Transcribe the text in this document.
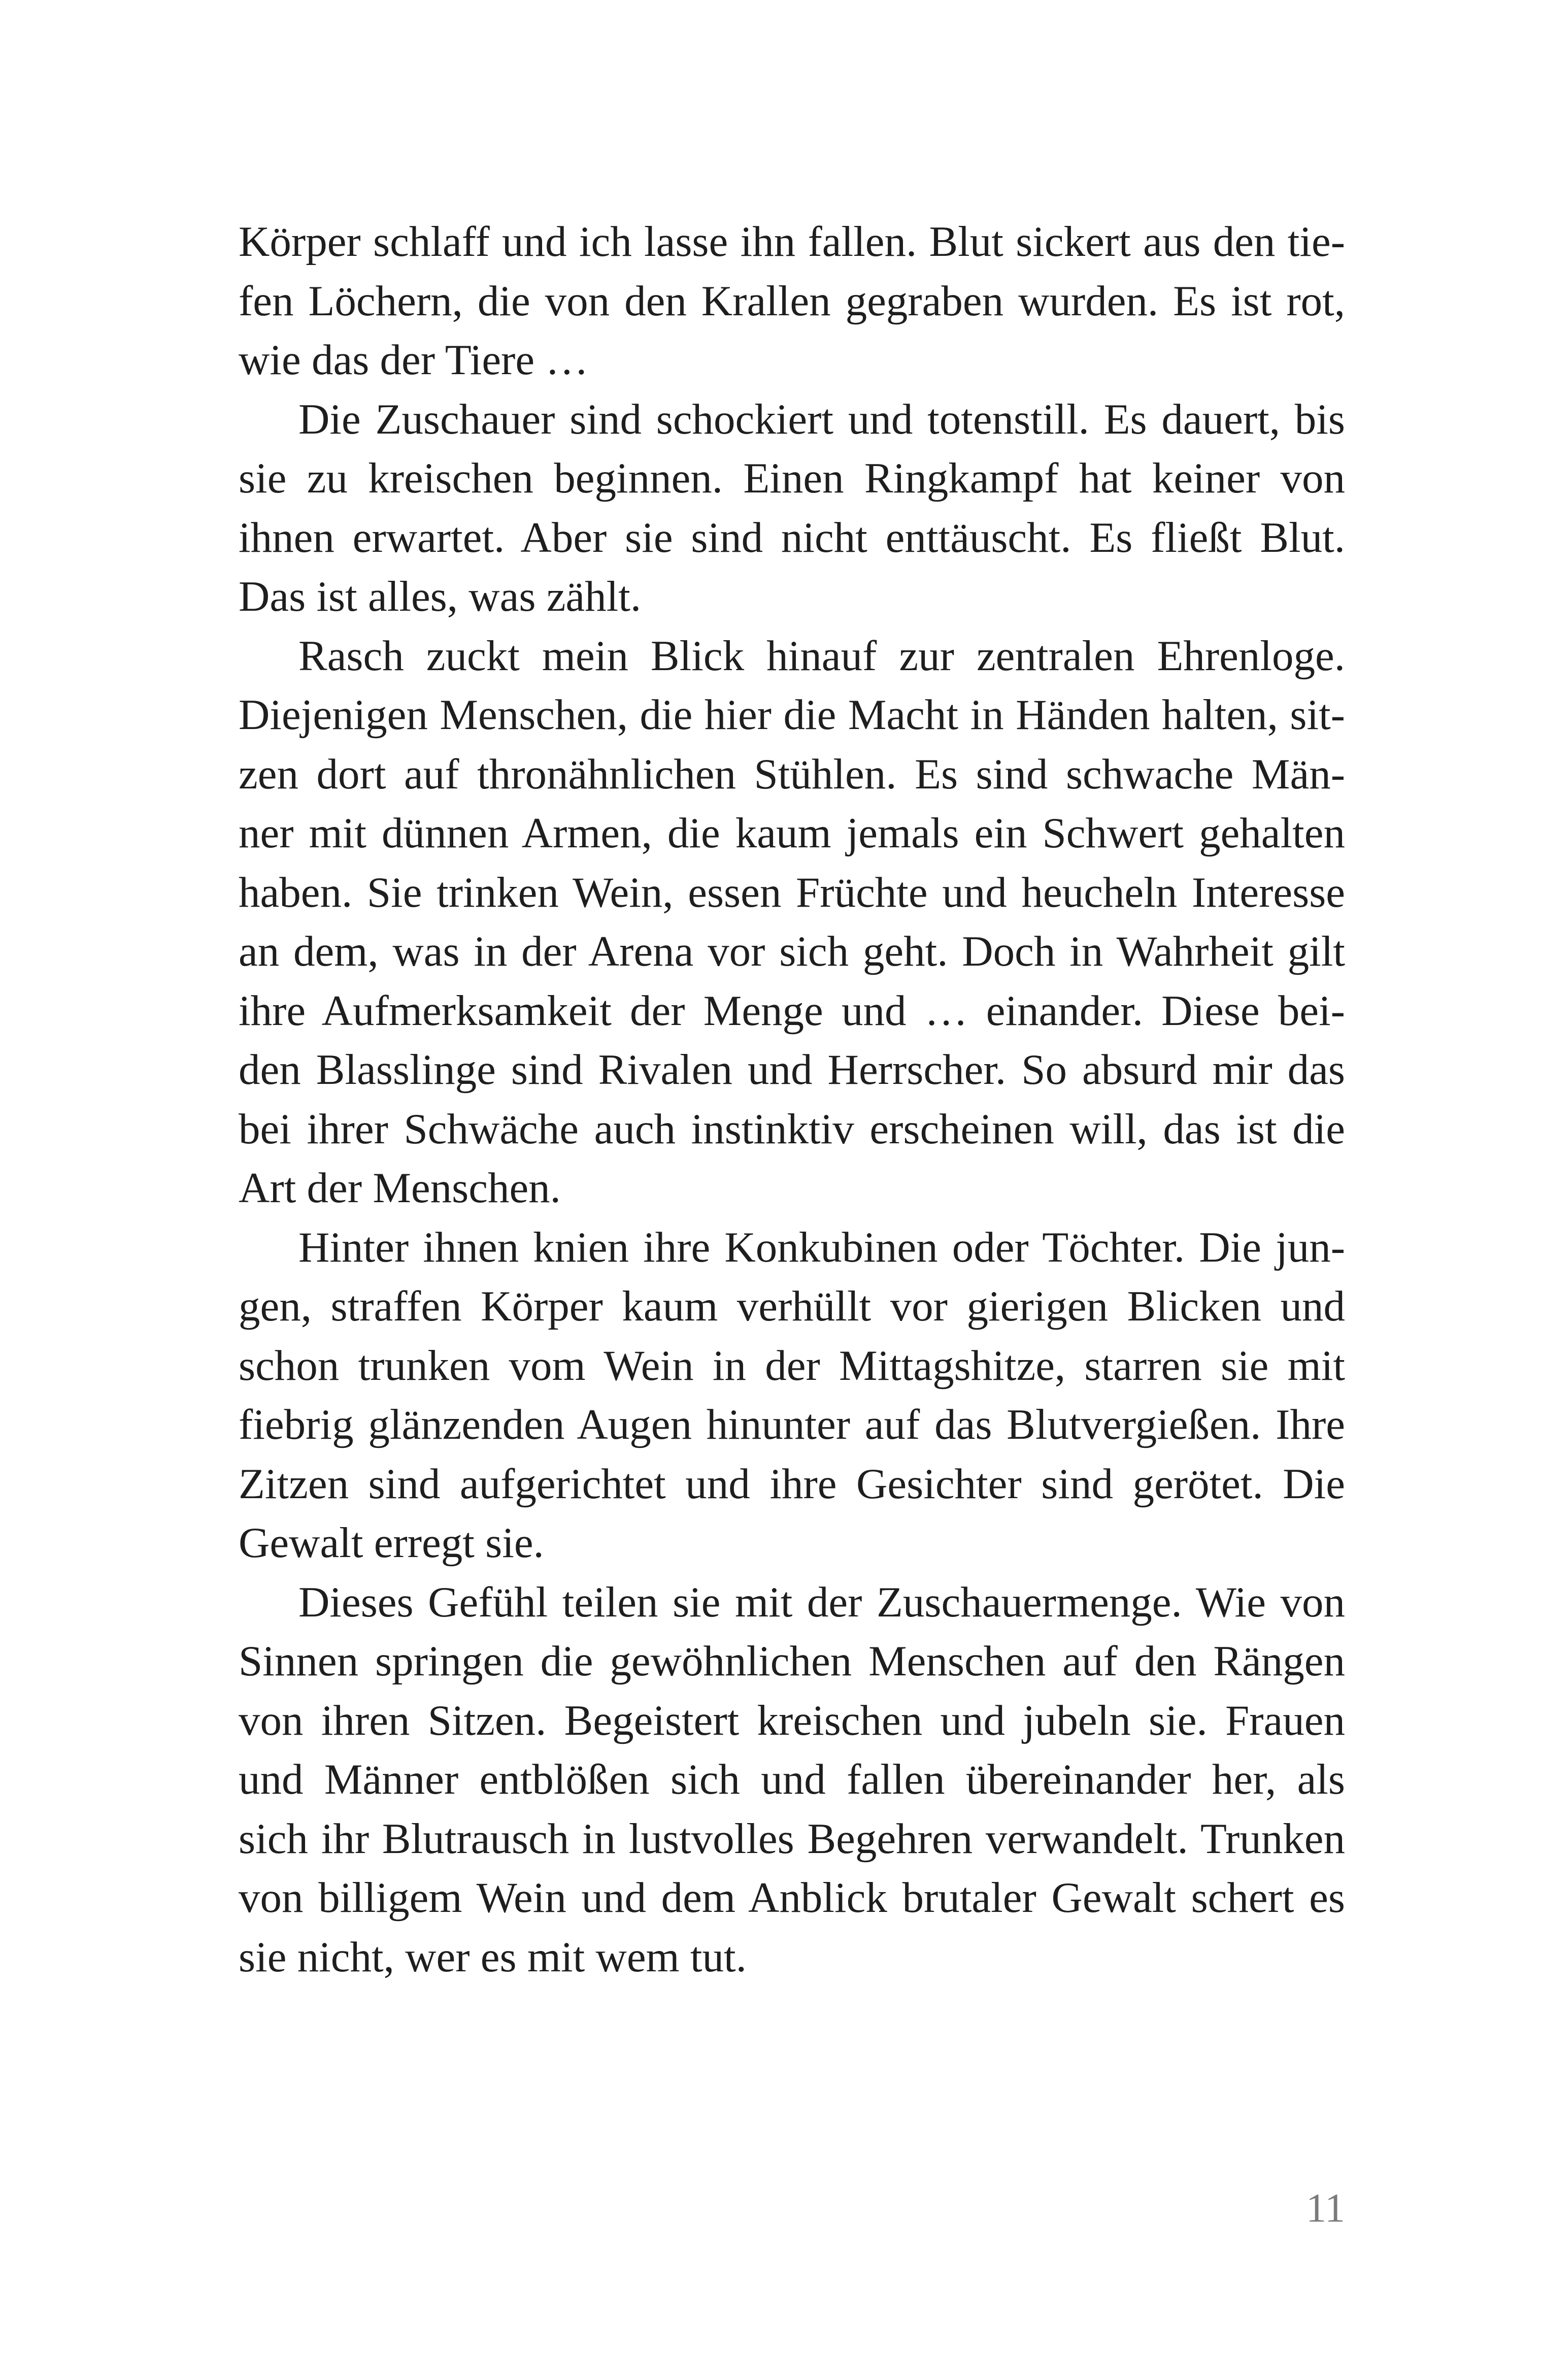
Körper schlaff und ich lasse ihn fallen. Blut sickert aus den tie-
fen Löchern, die von den Krallen gegraben wurden. Es ist rot,
wie das der Tiere …
Die Zuschauer sind schockiert und totenstill. Es dauert, bis
sie zu kreischen beginnen. Einen Ringkampf hat keiner von
ihnen erwartet. Aber sie sind nicht enttäuscht. Es fließt Blut.
Das ist alles, was zählt.
Rasch zuckt mein Blick hinauf zur zentralen Ehrenloge.
Diejenigen Menschen, die hier die Macht in Händen halten, sit-
zen dort auf thronähnlichen Stühlen. Es sind schwache Män-
ner mit dünnen Armen, die kaum jemals ein Schwert gehalten
haben. Sie trinken Wein, essen Früchte und heucheln Interesse
an dem, was in der Arena vor sich geht. Doch in Wahrheit gilt
ihre Aufmerksamkeit der Menge und … einander. Diese bei-
den Blasslinge sind Rivalen und Herrscher. So absurd mir das
bei ihrer Schwäche auch instinktiv erscheinen will, das ist die
Art der Menschen.
Hinter ihnen knien ihre Konkubinen oder Töchter. Die jun-
gen, straffen Körper kaum verhüllt vor gierigen Blicken und
schon trunken vom Wein in der Mittagshitze, starren sie mit
fiebrig glänzenden Augen hinunter auf das Blutvergießen. Ihre
Zitzen sind aufgerichtet und ihre Gesichter sind gerötet. Die
Gewalt erregt sie.
Dieses Gefühl teilen sie mit der Zuschauermenge. Wie von
Sinnen springen die gewöhnlichen Menschen auf den Rängen
von ihren Sitzen. Begeistert kreischen und jubeln sie. Frauen
und Männer entblößen sich und fallen übereinander her, als
sich ihr Blutrausch in lustvolles Begehren verwandelt. Trunken
von billigem Wein und dem Anblick brutaler Gewalt schert es
sie nicht, wer es mit wem tut.
11
